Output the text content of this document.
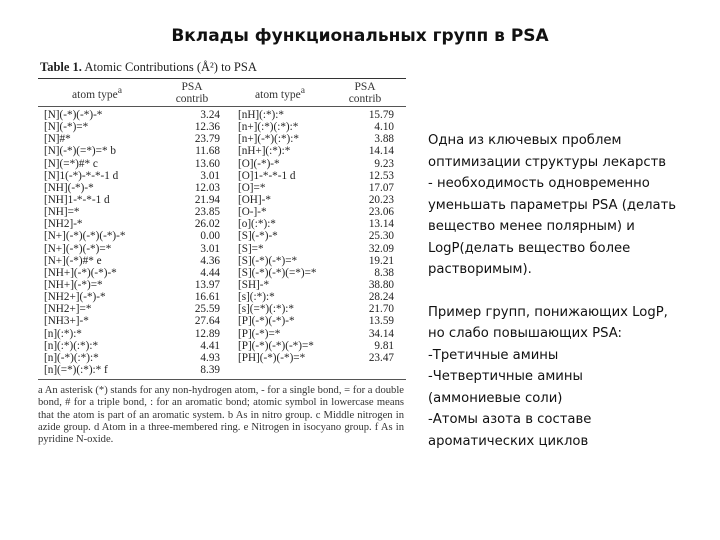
Вклады функциональных групп в PSA
Table 1. Atomic Contributions (Å²) to PSA
atom type$^a$	PSA
contrib	atom type$^a$	PSA
contrib
[N](-*)(-*)-*	3.24	[nH](:*):*	15.79
[N](-*)=*	12.36	[n+](:*)(:*):*	4.10
[N]#*	23.79	[n+](-*)(:*):*	3.88
[N](-*)(=*)=* b	11.68	[nH+](:*):*	14.14
[N](=*)#* c	13.60	[O](-*)-*	9.23
[N]1(-*)-*-*-1 d	3.01	[O]1-*-*-1 d	12.53
[NH](-*)-*	12.03	[O]=*	17.07
[NH]1-*-*-1 d	21.94	[OH]-*	20.23
[NH]=*	23.85	[O-]-*	23.06
[NH2]-*	26.02	[o](:*):*	13.14
[N+](-*)(-*)(-*)-*	0.00	[S](-*)-*	25.30
[N+](-*)(-*)=*	3.01	[S]=*	32.09
[N+](-*)#* e	4.36	[S](-*)(-*)=*	19.21
[NH+](-*)(-*)-*	4.44	[S](-*)(-*)(=*)=*	8.38
[NH+](-*)=*	13.97	[SH]-*	38.80
[NH2+](-*)-*	16.61	[s](:*):*	28.24
[NH2+]=*	25.59	[s](=*)(:*):*	21.70
[NH3+]-*	27.64	[P](-*)(-*)-*	13.59
[n](:*):*	12.89	[P](-*)=*	34.14
[n](:*)(:*):*	4.41	[P](-*)(-*)(-*)=*	9.81
[n](-*)(:*):*	4.93	[PH](-*)(-*)=*	23.47
[n](=*)(:*):* f	8.39
a An asterisk (*) stands for any non-hydrogen atom, - for a single bond, = for a double bond, # for a triple bond, : for an aromatic bond; atomic symbol in lowercase means that the atom is part of an aromatic system. b As in nitro group. c Middle nitrogen in azide group. d Atom in a three-membered ring. e Nitrogen in isocyano group. f As in pyridine N-oxide.

Одна из ключевых проблем
оптимизации структуры лекарств
- необходимость одновременно
уменьшать параметры PSA (делать
вещество менее полярным) и
LogP(делать вещество более
растворимым).

Пример групп, понижающих LogP,
но слабо повышающих PSA:
-Третичные амины
-Четвертичные амины
(аммониевые соли)
-Атомы азота в составе
ароматических циклов
